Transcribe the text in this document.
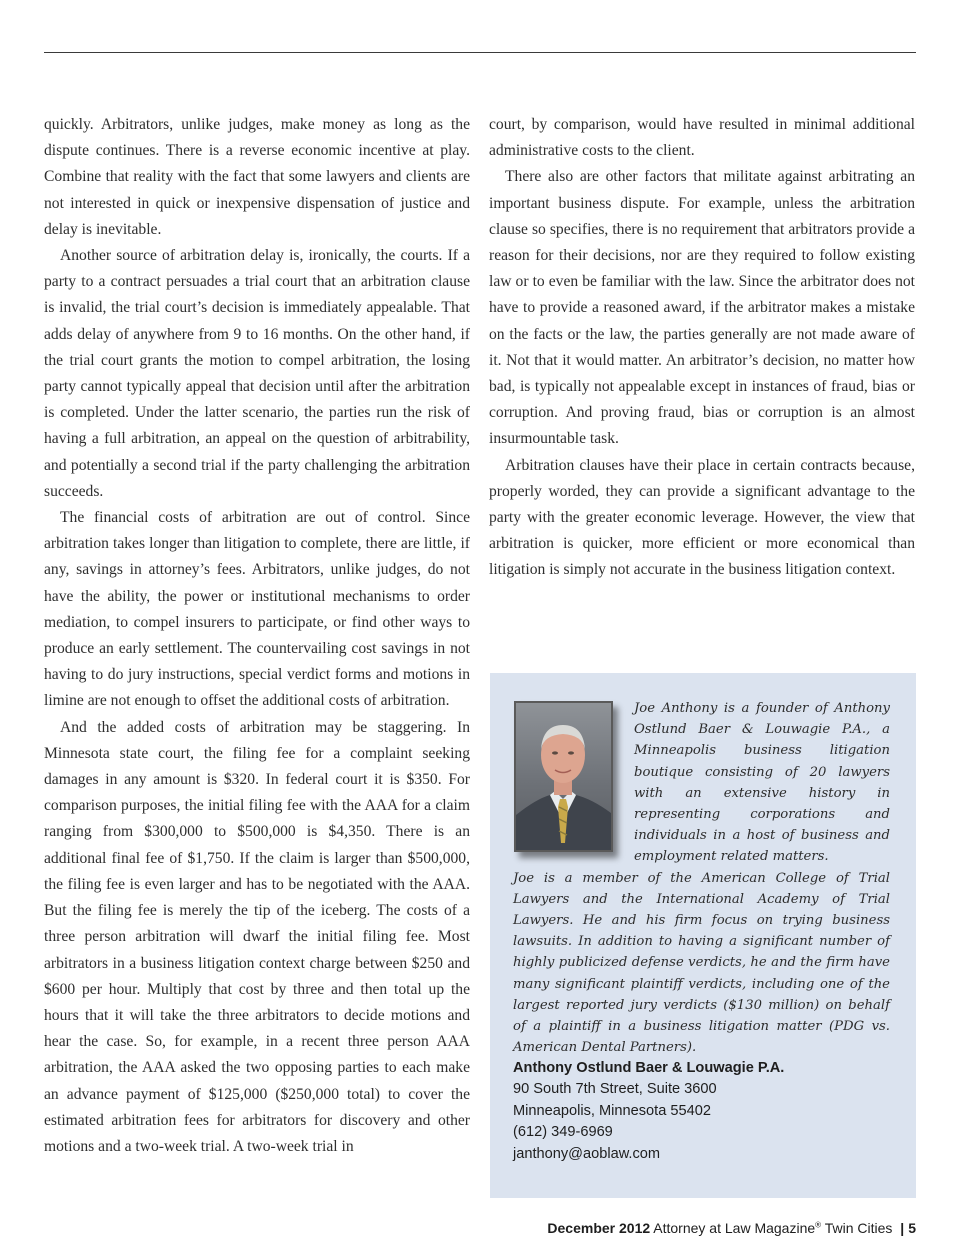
quickly. Arbitrators, unlike judges, make money as long as the dispute continues. There is a reverse economic incentive at play. Combine that reality with the fact that some lawyers and clients are not interested in quick or inexpensive dispensation of justice and delay is inevitable.

Another source of arbitration delay is, ironically, the courts. If a party to a contract persuades a trial court that an arbitration clause is invalid, the trial court’s decision is immediately appealable. That adds delay of anywhere from 9 to 16 months. On the other hand, if the trial court grants the motion to compel arbitration, the losing party cannot typically appeal that decision until after the arbitration is completed. Under the latter scenario, the parties run the risk of having a full arbitration, an appeal on the question of arbitrability, and potentially a second trial if the party challenging the arbitration succeeds.

The financial costs of arbitration are out of control. Since arbitration takes longer than litigation to complete, there are little, if any, savings in attorney’s fees. Arbitrators, unlike judges, do not have the ability, the power or institutional mechanisms to order mediation, to compel insurers to participate, or find other ways to produce an early settlement. The countervailing cost savings in not having to do jury instructions, special verdict forms and motions in limine are not enough to offset the additional costs of arbitration.

And the added costs of arbitration may be staggering. In Minnesota state court, the filing fee for a complaint seeking damages in any amount is $320. In federal court it is $350. For comparison purposes, the initial filing fee with the AAA for a claim ranging from $300,000 to $500,000 is $4,350. There is an additional final fee of $1,750. If the claim is larger than $500,000, the filing fee is even larger and has to be negotiated with the AAA. But the filing fee is merely the tip of the iceberg. The costs of a three person arbitration will dwarf the initial filing fee. Most arbitrators in a business litigation context charge between $250 and $600 per hour. Multiply that cost by three and then total up the hours that it will take the three arbitrators to decide motions and hear the case. So, for example, in a recent three person AAA arbitration, the AAA asked the two opposing parties to each make an advance payment of $125,000 ($250,000 total) to cover the estimated arbitration fees for arbitrators for discovery and other motions and a two-week trial. A two-week trial in

court, by comparison, would have resulted in minimal additional administrative costs to the client.

There also are other factors that militate against arbitrating an important business dispute. For example, unless the arbitration clause so specifies, there is no requirement that arbitrators provide a reason for their decisions, nor are they required to follow existing law or to even be familiar with the law. Since the arbitrator does not have to provide a reasoned award, if the arbitrator makes a mistake on the facts or the law, the parties generally are not made aware of it. Not that it would matter. An arbitrator’s decision, no matter how bad, is typically not appealable except in instances of fraud, bias or corruption. And proving fraud, bias or corruption is an almost insurmountable task.

Arbitration clauses have their place in certain contracts because, properly worded, they can provide a significant advantage to the party with the greater economic leverage. However, the view that arbitration is quicker, more efficient or more economical than litigation is simply not accurate in the business litigation context.

Joe Anthony is a founder of Anthony Ostlund Baer & Louwagie P.A., a Minneapolis business litigation boutique consisting of 20 lawyers with an extensive history in representing corporations and individuals in a host of business and employment related matters.

Joe is a member of the American College of Trial Lawyers and the International Academy of Trial Lawyers. He and his firm focus on trying business lawsuits. In addition to having a significant number of highly publicized defense verdicts, he and the firm have many significant plaintiff verdicts, including one of the largest reported jury verdicts ($130 million) on behalf of a plaintiff in a business litigation matter (PDG vs. American Dental Partners).

Anthony Ostlund Baer & Louwagie P.A.
90 South 7th Street, Suite 3600
Minneapolis, Minnesota 55402
(612) 349-6969
janthony@aoblaw.com
December 2012 Attorney at Law Magazine® Twin Cities | 5
